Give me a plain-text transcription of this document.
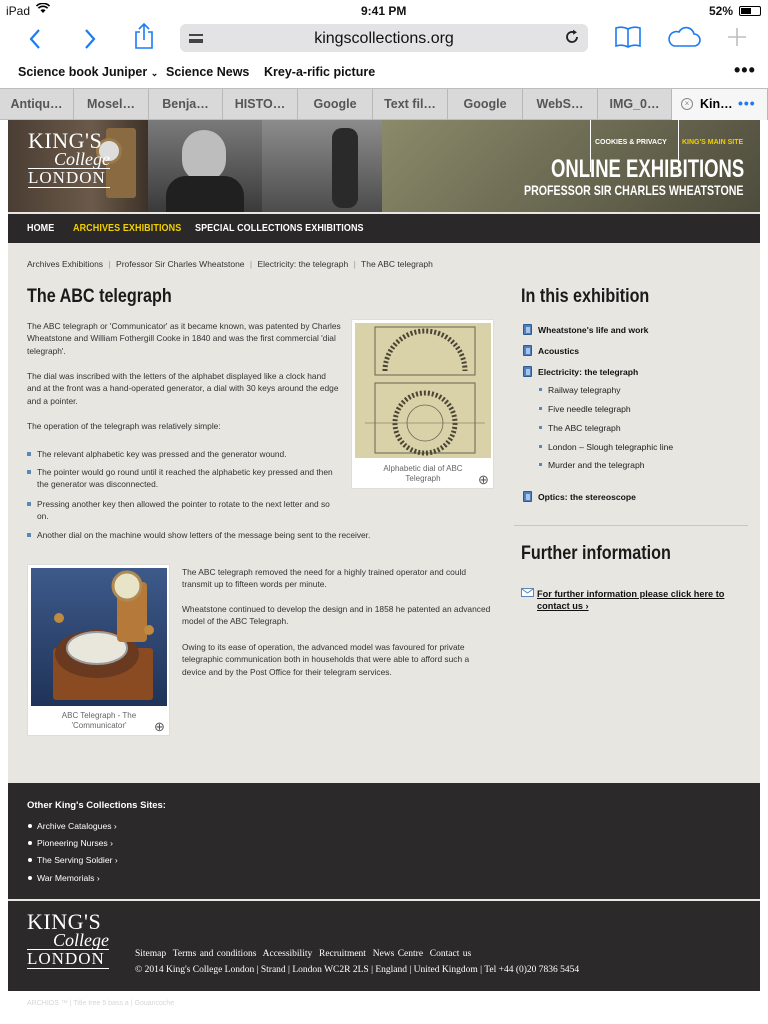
iPad	9:41 PM	52%
kingscollections.org
Science book Juniper ⌄ Science News Krey-a-rific picture	•••
Antiqu…	Mosel…	Benja…	HISTO…	Google	Text fil…	Google	WebS…	IMG_0…	× Kin… •••
KING'S
College
LONDON
COOKIES & PRIVACY KING'S MAIN SITE
ONLINE EXHIBITIONS
PROFESSOR SIR CHARLES WHEATSTONE
HOME ARCHIVES EXHIBITIONS SPECIAL COLLECTIONS EXHIBITIONS
Archives Exhibitions | Professor Sir Charles Wheatstone | Electricity: the telegraph | The ABC telegraph
The ABC telegraph
The ABC telegraph or 'Communicator' as it became known, was patented by Charles Wheatstone and William Fothergill Cooke in 1840 and was the first commercial 'dial telegraph'.
The dial was inscribed with the letters of the alphabet displayed like a clock hand and at the front was a hand-operated generator, a dial with 30 keys around the edge and a pointer.
The operation of the telegraph was relatively simple:
Alphabetic dial of ABC Telegraph	⊕
The relevant alphabetic key was pressed and the generator wound.
The pointer would go round until it reached the alphabetic key pressed and then the generator was disconnected.
Pressing another key then allowed the pointer to rotate to the next letter and so on.
Another dial on the machine would show letters of the message being sent to the receiver.
ABC Telegraph - The 'Communicator'	⊕
The ABC telegraph removed the need for a highly trained operator and could transmit up to fifteen words per minute.
Wheatstone continued to develop the design and in 1858 he patented an advanced model of the ABC Telegraph.
Owing to its ease of operation, the advanced model was favoured for private telegraphic communication both in households that were able to afford such a device and by the Post Office for their telegram services.
In this exhibition
Wheatstone's life and work
Acoustics
Electricity: the telegraph
Railway telegraphy
Five needle telegraph
The ABC telegraph
London – Slough telegraphic line
Murder and the telegraph
Optics: the stereoscope
Further information
For further information please click here to contact us ›
Other King's Collections Sites:
Archive Catalogues ›
Pioneering Nurses ›
The Serving Soldier ›
War Memorials ›
KING'S
College
LONDON	Sitemap Terms and conditions Accessibility Recruitment News Centre Contact us
© 2014 King's College London | Strand | London WC2R 2LS | England | United Kingdom | Tel +44 (0)20 7836 5454
ARCHIOS ™ | Title tree 5 bass a | Gouancoche
